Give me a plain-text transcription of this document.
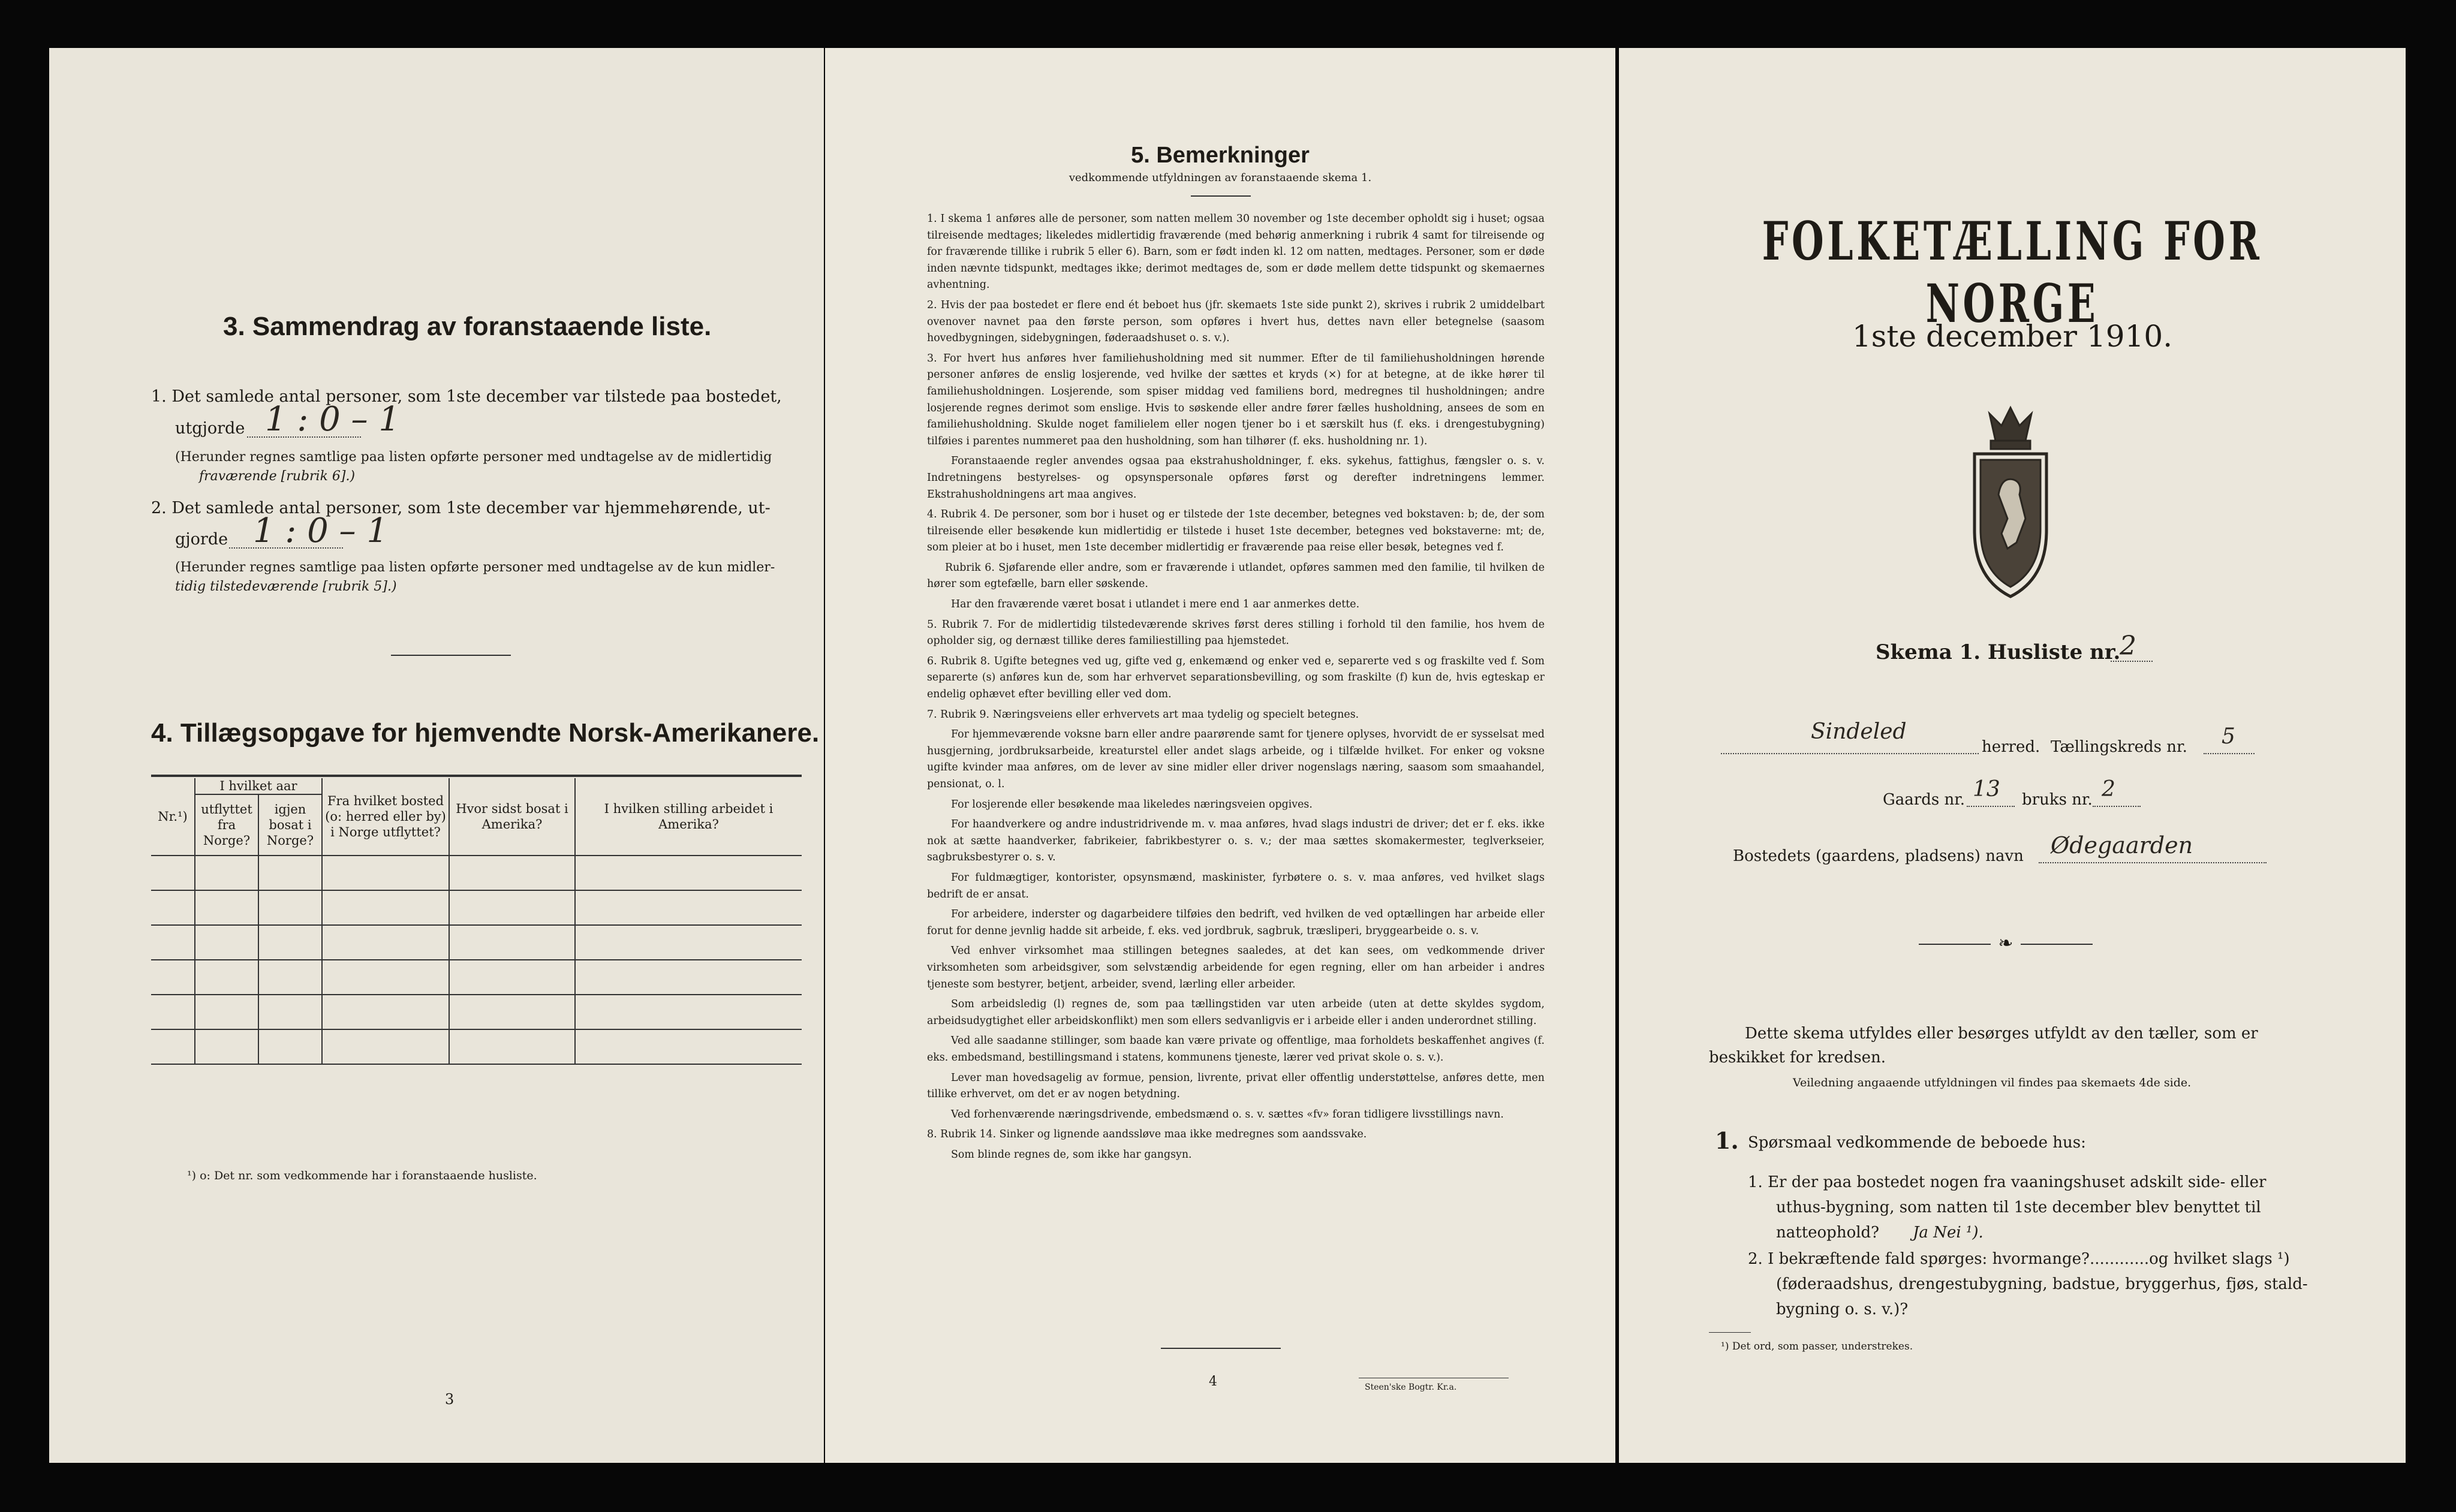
3. Sammendrag av foranstaaende liste.
1. Det samlede antal personer, som 1ste december var tilstede paa bostedet,
utgjorde 1 : 0 – 1
(Herunder regnes samtlige paa listen opførte personer med undtagelse av de midlertidig
fraværende [rubrik 6].)
2. Det samlede antal personer, som 1ste december var hjemmehørende, ut-
gjorde 1 : 0 – 1
(Herunder regnes samtlige paa listen opførte personer med undtagelse av de kun midler-
tidig tilstedeværende [rubrik 5].)
4. Tillægsopgave for hjemvendte Norsk-Amerikanere.
Nr.¹)	I hvilket aar		Fra hvilket bosted (o: herred eller by) i Norge utflyttet?	Hvor sidst bosat i Amerika?	I hvilken stilling arbeidet i Amerika?
	utflyttet fra Norge?	igjen bosat i Norge?			

¹) o: Det nr. som vedkommende har i foranstaaende husliste.
3
5. Bemerkninger
vedkommende utfyldningen av foranstaaende skema 1.

1. I skema 1 anføres alle de personer, som natten mellem 30 november og 1ste december opholdt sig i huset; ogsaa tilreisende medtages; likeledes midlertidig fraværende (med behørig anmerkning i rubrik 4 samt for tilreisende og for fraværende tillike i rubrik 5 eller 6). Barn, som er født inden kl. 12 om natten, medtages. Personer, som er døde inden nævnte tidspunkt, medtages ikke; derimot medtages de, som er døde mellem dette tidspunkt og skemaernes avhentning.

2. Hvis der paa bostedet er flere end ét beboet hus (jfr. skemaets 1ste side punkt 2), skrives i rubrik 2 umiddelbart ovenover navnet paa den første person, som opføres i hvert hus, dettes navn eller betegnelse (saasom hovedbygningen, sidebygningen, føderaadshuset o. s. v.).

3. For hvert hus anføres hver familiehusholdning med sit nummer. Efter de til familiehusholdningen hørende personer anføres de enslig losjerende, ved hvilke der sættes et kryds (×) for at betegne, at de ikke hører til familiehusholdningen. Losjerende, som spiser middag ved familiens bord, medregnes til husholdningen; andre losjerende regnes derimot som enslige. Hvis to søskende eller andre fører fælles husholdning, ansees de som en familiehusholdning. Skulde noget familielem eller nogen tjener bo i et særskilt hus (f. eks. i drengestubygning) tilføies i parentes nummeret paa den husholdning, som han tilhører (f. eks. husholdning nr. 1).

Foranstaaende regler anvendes ogsaa paa ekstrahusholdninger, f. eks. sykehus, fattighus, fængsler o. s. v. Indretningens bestyrelses- og opsynspersonale opføres først og derefter indretningens lemmer. Ekstrahusholdningens art maa angives.

4. Rubrik 4. De personer, som bor i huset og er tilstede der 1ste december, betegnes ved bokstaven: b; de, der som tilreisende eller besøkende kun midlertidig er tilstede i huset 1ste december, betegnes ved bokstaverne: mt; de, som pleier at bo i huset, men 1ste december midlertidig er fraværende paa reise eller besøk, betegnes ved f.

Rubrik 6. Sjøfarende eller andre, som er fraværende i utlandet, opføres sammen med den familie, til hvilken de hører som egtefælle, barn eller søskende.

Har den fraværende været bosat i utlandet i mere end 1 aar anmerkes dette.

5. Rubrik 7. For de midlertidig tilstedeværende skrives først deres stilling i forhold til den familie, hos hvem de opholder sig, og dernæst tillike deres familiestilling paa hjemstedet.

6. Rubrik 8. Ugifte betegnes ved ug, gifte ved g, enkemænd og enker ved e, separerte ved s og fraskilte ved f. Som separerte (s) anføres kun de, som har erhvervet separationsbevilling, og som fraskilte (f) kun de, hvis egteskap er endelig ophævet efter bevilling eller ved dom.

7. Rubrik 9. Næringsveiens eller erhvervets art maa tydelig og specielt betegnes.

For hjemmeværende voksne barn eller andre paarørende samt for tjenere oplyses, hvorvidt de er sysselsat med husgjerning, jordbruksarbeide, kreaturstel eller andet slags arbeide, og i tilfælde hvilket. For enker og voksne ugifte kvinder maa anføres, om de lever av sine midler eller driver nogenslags næring, saasom som smaahandel, pensionat, o. l.

For losjerende eller besøkende maa likeledes næringsveien opgives.

For haandverkere og andre industridrivende m. v. maa anføres, hvad slags industri de driver; det er f. eks. ikke nok at sætte haandverker, fabrikeier, fabrikbestyrer o. s. v.; der maa sættes skomakermester, teglverkseier, sagbruksbestyrer o. s. v.

For fuldmægtiger, kontorister, opsynsmænd, maskinister, fyrbøtere o. s. v. maa anføres, ved hvilket slags bedrift de er ansat.

For arbeidere, inderster og dagarbeidere tilføies den bedrift, ved hvilken de ved optællingen har arbeide eller forut for denne jevnlig hadde sit arbeide, f. eks. ved jordbruk, sagbruk, træsliperi, bryggearbeide o. s. v.

Ved enhver virksomhet maa stillingen betegnes saaledes, at det kan sees, om vedkommende driver virksomheten som arbeidsgiver, som selvstændig arbeidende for egen regning, eller om han arbeider i andres tjeneste som bestyrer, betjent, arbeider, svend, lærling eller arbeider.

Som arbeidsledig (l) regnes de, som paa tællingstiden var uten arbeide (uten at dette skyldes sygdom, arbeidsudygtighet eller arbeidskonflikt) men som ellers sedvanligvis er i arbeide eller i anden underordnet stilling.

Ved alle saadanne stillinger, som baade kan være private og offentlige, maa forholdets beskaffenhet angives (f. eks. embedsmand, bestillingsmand i statens, kommunens tjeneste, lærer ved privat skole o. s. v.).

Lever man hovedsagelig av formue, pension, livrente, privat eller offentlig understøttelse, anføres dette, men tillike erhvervet, om det er av nogen betydning.

Ved forhenværende næringsdrivende, embedsmænd o. s. v. sættes «fv» foran tidligere livsstillings navn.

8. Rubrik 14. Sinker og lignende aandssløve maa ikke medregnes som aandssvake.

Som blinde regnes de, som ikke har gangsyn.

4	Steen'ske Bogtr. Kr.a.
FOLKETÆLLING FOR NORGE
1ste december 1910.
Skema 1. Husliste nr.
2
Sindeled
herred. Tællingskreds nr. 5
Gaards nr. 13 bruks nr. 2
Bostedets (gaardens, pladsens) navn Ødegaarden
❧
Dette skema utfyldes eller besørges utfyldt av den tæller, som er
beskikket for kredsen.
Veiledning angaaende utfyldningen vil findes paa skemaets 4de side.
1. Spørsmaal vedkommende de beboede hus:
1. Er der paa bostedet nogen fra vaaningshuset adskilt side- eller
uthus-bygning, som natten til 1ste december blev benyttet til
natteophold? Ja Nei ¹).
2. I bekræftende fald spørges: hvormange?............og hvilket slags ¹)
(føderaadshus, drengestubygning, badstue, bryggerhus, fjøs, stald-
bygning o. s. v.)?
¹) Det ord, som passer, understrekes.
